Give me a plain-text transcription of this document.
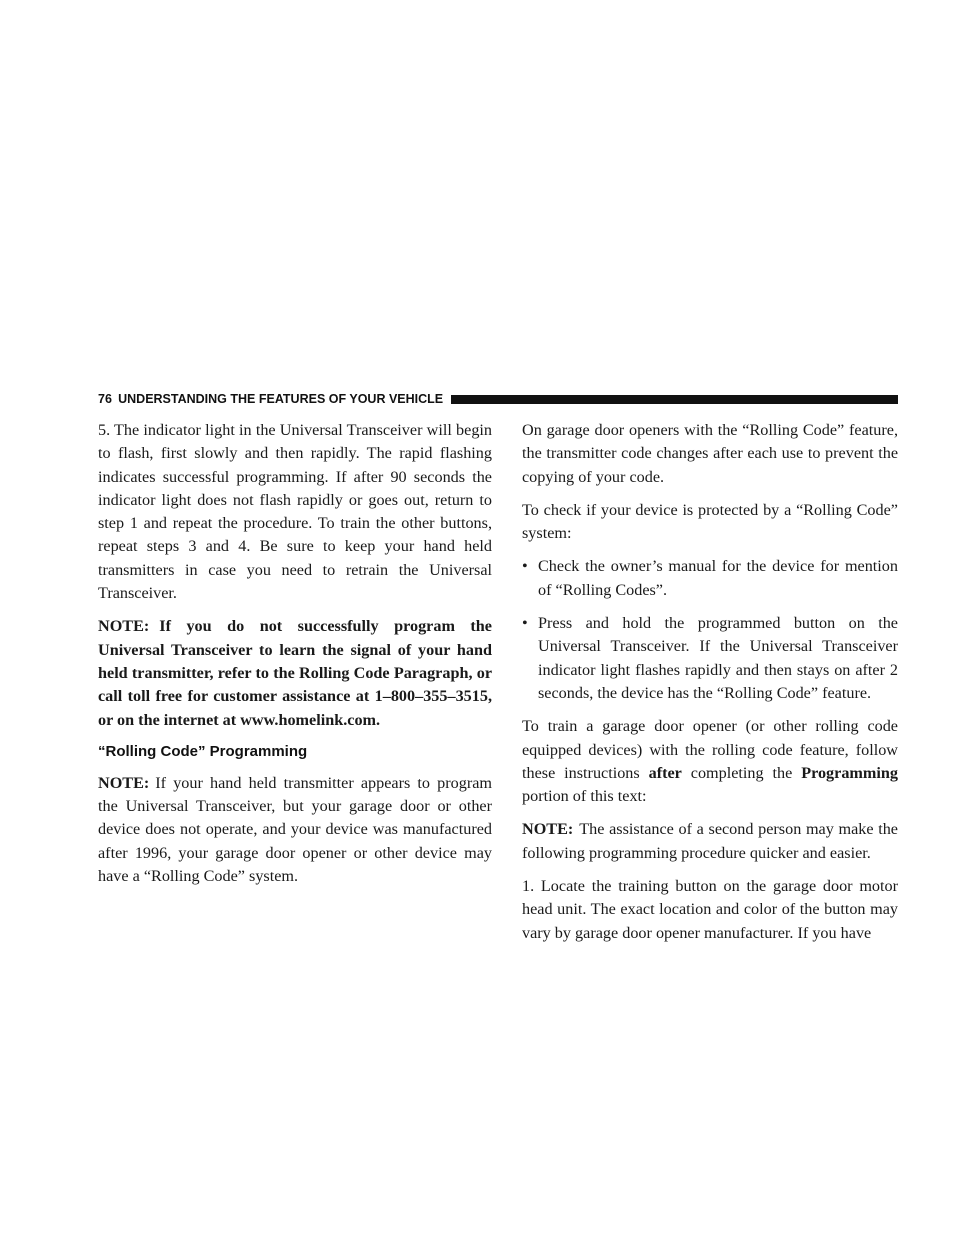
76 UNDERSTANDING THE FEATURES OF YOUR VEHICLE

5. The indicator light in the Universal Transceiver will begin to flash, first slowly and then rapidly. The rapid flashing indicates successful programming. If after 90 seconds the indicator light does not flash rapidly or goes out, return to step 1 and repeat the procedure. To train the other buttons, repeat steps 3 and 4. Be sure to keep your hand held transmitters in case you need to retrain the Universal Transceiver.

NOTE: If you do not successfully program the Universal Transceiver to learn the signal of your hand held transmitter, refer to the Rolling Code Paragraph, or call toll free for customer assistance at 1–800–355–3515, or on the internet at www.homelink.com.

“Rolling Code” Programming

NOTE: If your hand held transmitter appears to program the Universal Transceiver, but your garage door or other device does not operate, and your device was manufactured after 1996, your garage door opener or other device may have a “Rolling Code” system.

On garage door openers with the “Rolling Code” feature, the transmitter code changes after each use to prevent the copying of your code.

To check if your device is protected by a “Rolling Code” system:

• Check the owner’s manual for the device for mention of “Rolling Codes”.
• Press and hold the programmed button on the Universal Transceiver. If the Universal Transceiver indicator light flashes rapidly and then stays on after 2 seconds, the device has the “Rolling Code” feature.

To train a garage door opener (or other rolling code equipped devices) with the rolling code feature, follow these instructions after completing the Programming portion of this text:

NOTE: The assistance of a second person may make the following programming procedure quicker and easier.

1. Locate the training button on the garage door motor head unit. The exact location and color of the button may vary by garage door opener manufacturer. If you have
